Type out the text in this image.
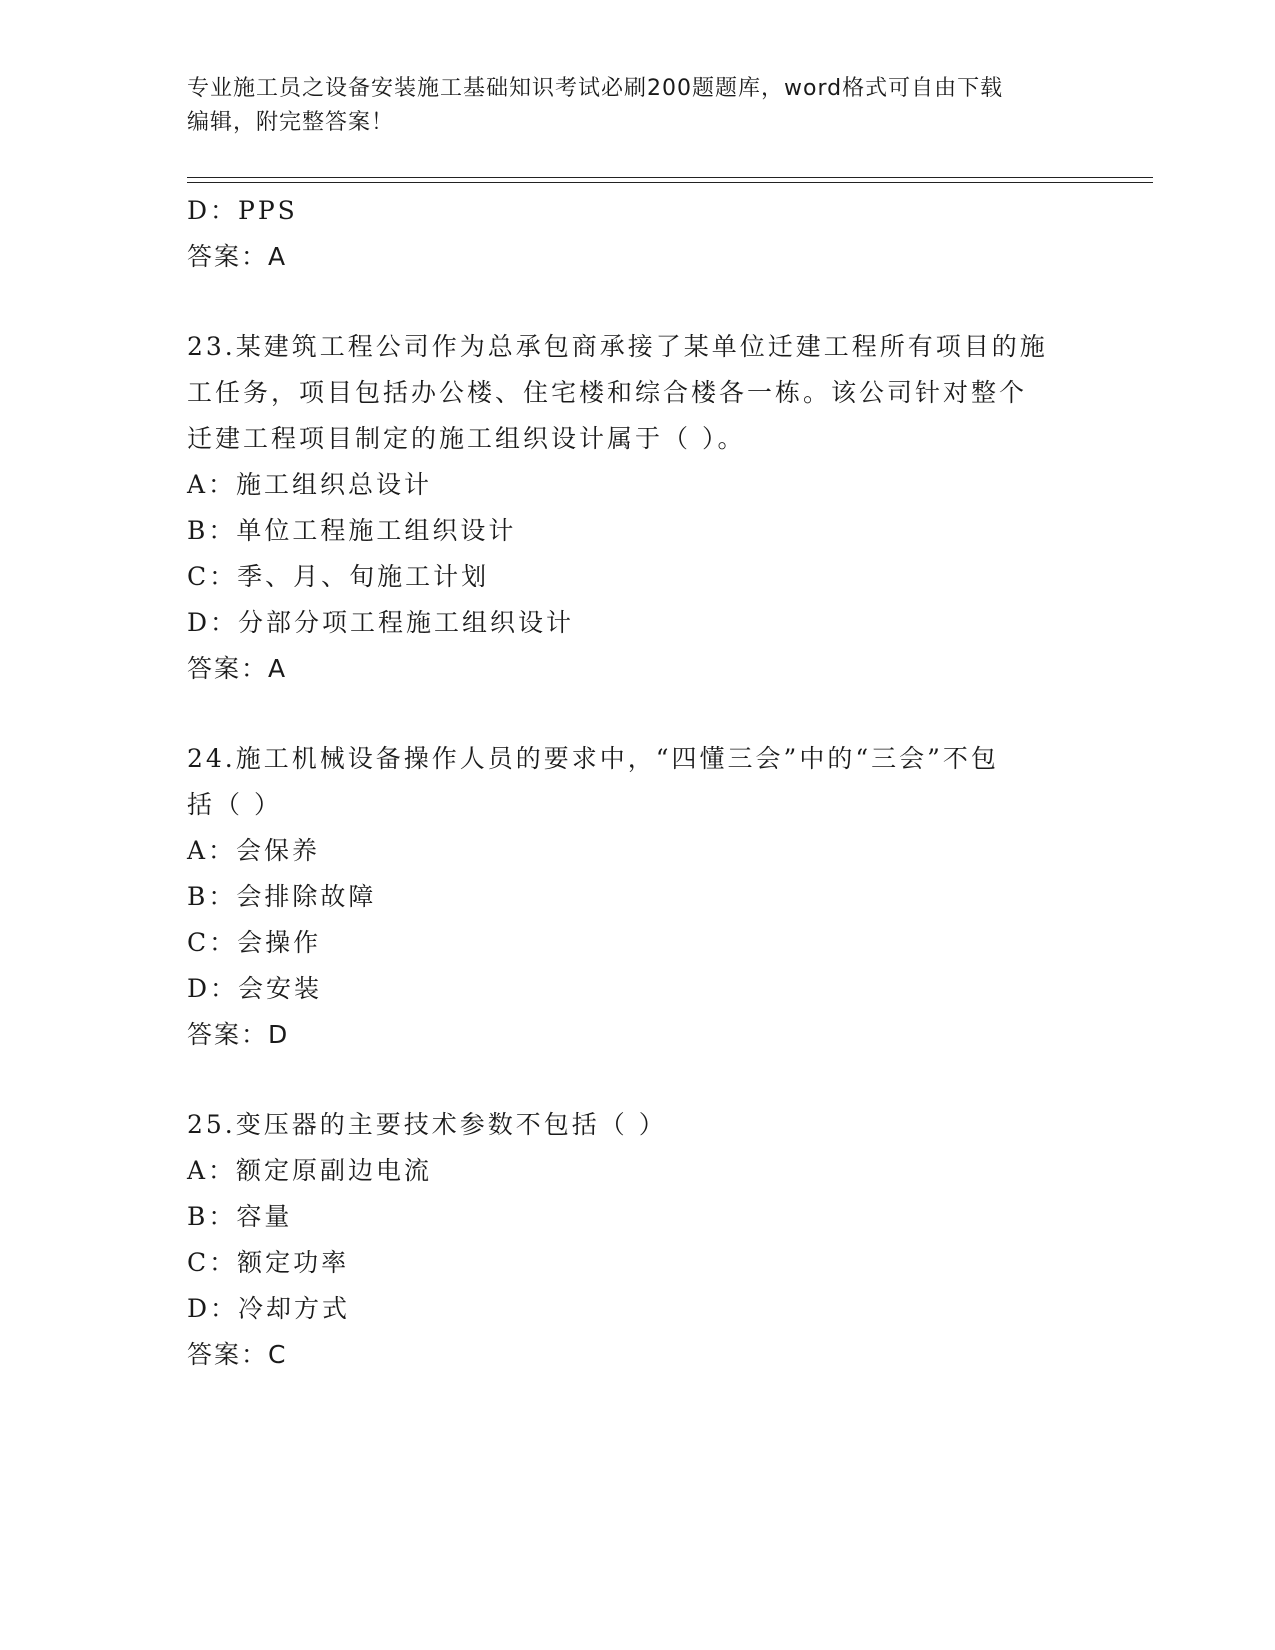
专业施工员之设备安装施工基础知识考试必刷200题题库，word格式可自由下载
编辑，附完整答案！
D：PPS
答案：A
23.某建筑工程公司作为总承包商承接了某单位迁建工程所有项目的施
工任务，项目包括办公楼、住宅楼和综合楼各一栋。该公司针对整个
迁建工程项目制定的施工组织设计属于（ ）。
A：施工组织总设计
B：单位工程施工组织设计
C：季、月、旬施工计划
D：分部分项工程施工组织设计
答案：A
24.施工机械设备操作人员的要求中，“四懂三会”中的“三会”不包
括（ ）
A：会保养
B：会排除故障
C：会操作
D：会安装
答案：D
25.变压器的主要技术参数不包括（ ）
A：额定原副边电流
B：容量
C：额定功率
D：冷却方式
答案：C
